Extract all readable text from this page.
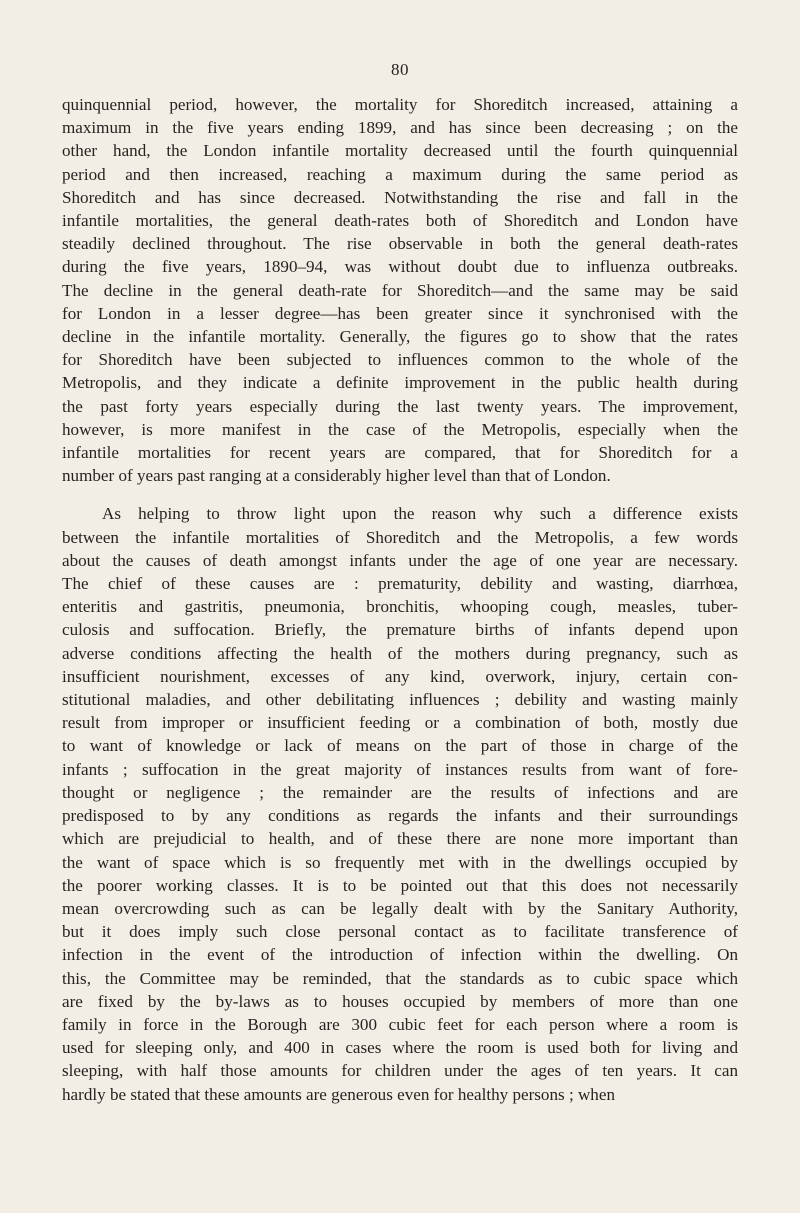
80

quinquennial period, however, the mortality for Shoreditch increased, attaining a
maximum in the five years ending 1899, and has since been decreasing ; on the
other hand, the London infantile mortality decreased until the fourth quinquennial
period and then increased, reaching a maximum during the same period as
Shoreditch and has since decreased. Notwithstanding the rise and fall in the
infantile mortalities, the general death-rates both of Shoreditch and London have
steadily declined throughout. The rise observable in both the general death-rates
during the five years, 1890–94, was without doubt due to influenza outbreaks.
The decline in the general death-rate for Shoreditch—and the same may be said
for London in a lesser degree—has been greater since it synchronised with the
decline in the infantile mortality. Generally, the figures go to show that the rates
for Shoreditch have been subjected to influences common to the whole of the
Metropolis, and they indicate a definite improvement in the public health during
the past forty years especially during the last twenty years. The improvement,
however, is more manifest in the case of the Metropolis, especially when the
infantile mortalities for recent years are compared, that for Shoreditch for a
number of years past ranging at a considerably higher level than that of London.

As helping to throw light upon the reason why such a difference exists
between the infantile mortalities of Shoreditch and the Metropolis, a few words
about the causes of death amongst infants under the age of one year are necessary.
The chief of these causes are : prematurity, debility and wasting, diarrhœa,
enteritis and gastritis, pneumonia, bronchitis, whooping cough, measles, tuber-
culosis and suffocation. Briefly, the premature births of infants depend upon
adverse conditions affecting the health of the mothers during pregnancy, such as
insufficient nourishment, excesses of any kind, overwork, injury, certain con-
stitutional maladies, and other debilitating influences ; debility and wasting mainly
result from improper or insufficient feeding or a combination of both, mostly due
to want of knowledge or lack of means on the part of those in charge of the
infants ; suffocation in the great majority of instances results from want of fore-
thought or negligence ; the remainder are the results of infections and are
predisposed to by any conditions as regards the infants and their surroundings
which are prejudicial to health, and of these there are none more important than
the want of space which is so frequently met with in the dwellings occupied by
the poorer working classes. It is to be pointed out that this does not necessarily
mean overcrowding such as can be legally dealt with by the Sanitary Authority,
but it does imply such close personal contact as to facilitate transference of
infection in the event of the introduction of infection within the dwelling. On
this, the Committee may be reminded, that the standards as to cubic space which
are fixed by the by-laws as to houses occupied by members of more than one
family in force in the Borough are 300 cubic feet for each person where a room is
used for sleeping only, and 400 in cases where the room is used both for living and
sleeping, with half those amounts for children under the ages of ten years. It can
hardly be stated that these amounts are generous even for healthy persons ; when
